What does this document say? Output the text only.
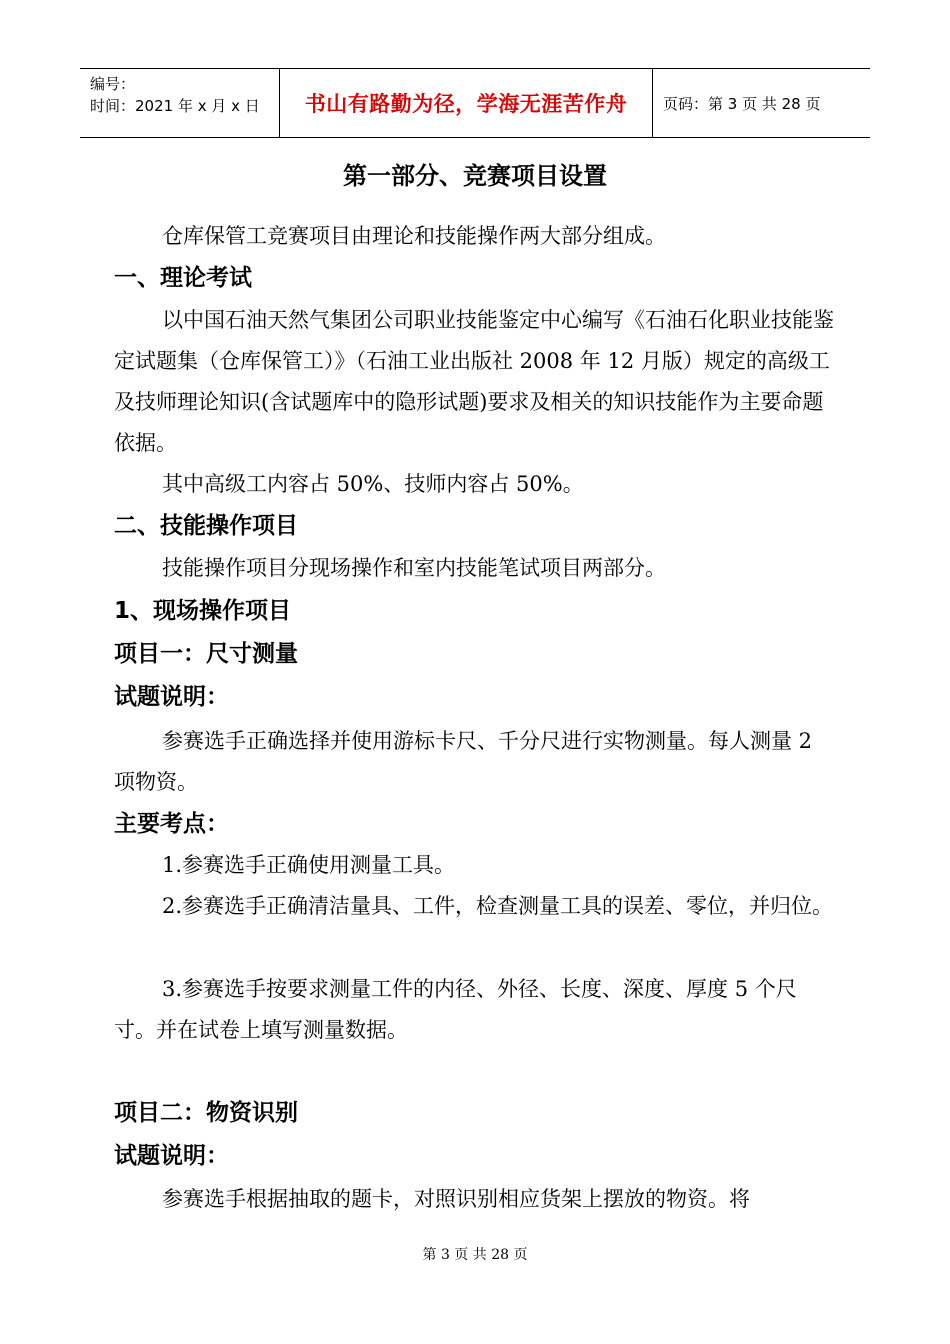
编号：
时间：2021 年 x 月 x 日	书山有路勤为径，学海无涯苦作舟	页码：第 3 页 共 28 页
第一部分、竞赛项目设置

仓库保管工竞赛项目由理论和技能操作两大部分组成。

一、理论考试

以中国石油天然气集团公司职业技能鉴定中心编写《石油石化职业技能鉴定试题集（仓库保管工）》（石油工业出版社 2008 年 12 月版）规定的高级工及技师理论知识(含试题库中的隐形试题)要求及相关的知识技能作为主要命题依据。

其中高级工内容占 50%、技师内容占 50%。

二、技能操作项目

技能操作项目分现场操作和室内技能笔试项目两部分。

1、现场操作项目
项目一：尺寸测量
试题说明：

参赛选手正确选择并使用游标卡尺、千分尺进行实物测量。每人测量 2 项物资。

主要考点：

1.参赛选手正确使用测量工具。

2.参赛选手正确清洁量具、工件，检查测量工具的误差、零位，并归位。

3.参赛选手按要求测量工件的内径、外径、长度、深度、厚度 5 个尺寸。并在试卷上填写测量数据。

项目二：物资识别
试题说明：

参赛选手根据抽取的题卡，对照识别相应货架上摆放的物资。将

第 3 页 共 28 页
